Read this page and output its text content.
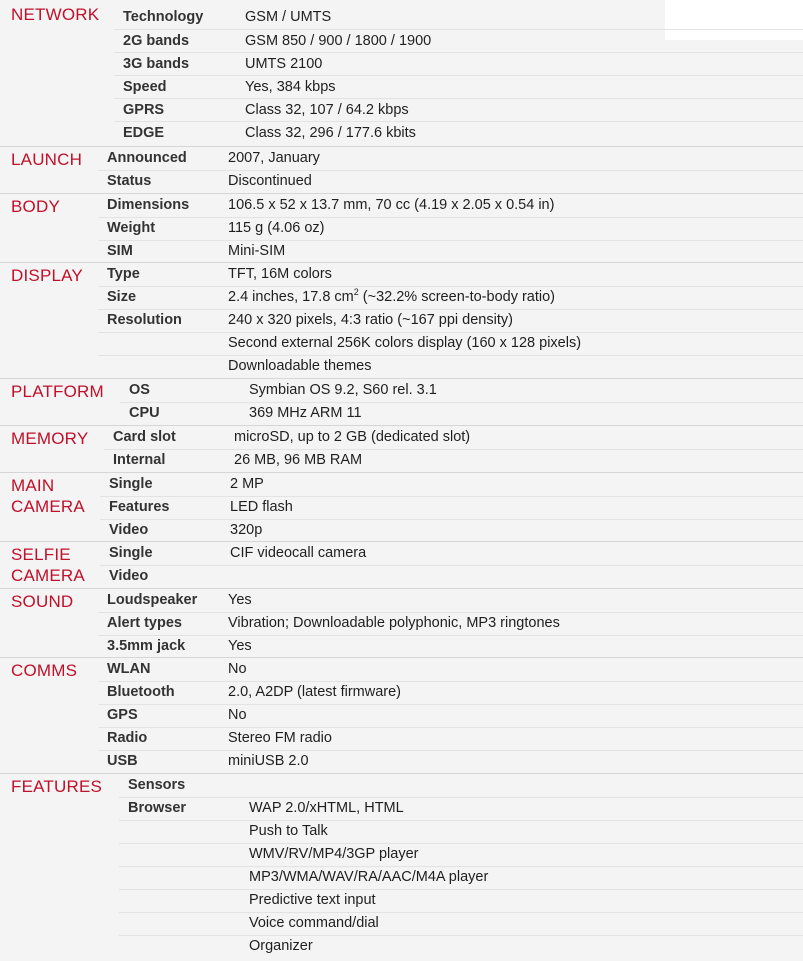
NETWORK Technology	GSM / UMTS
2G bands	GSM 850 / 900 / 1800 / 1900
3G bands	UMTS 2100
Speed	Yes, 384 kbps
GPRS	Class 32, 107 / 64.2 kbps
EDGE	Class 32, 296 / 177.6 kbits
LAUNCH Announced	2007, January
Status	Discontinued
BODY	Dimensions	106.5 x 52 x 13.7 mm, 70 cc (4.19 x 2.05 x 0.54 in)
Weight	115 g (4.06 oz)
SIM	Mini-SIM
DISPLAY Type	TFT, 16M colors
Size	2.4 inches, 17.8 $cm^2$ (~32.2% screen-to-body ratio)
Resolution	240 x 320 pixels, 4:3 ratio (~167 ppi density)
Second external 256K colors display (160 x 128 pixels)
Downloadable themes
PLATFORM OS	Symbian OS 9.2, S60 rel. 3.1
CPU	369 MHz ARM 11
MEMORY Card slot	microSD, up to 2 GB (dedicated slot)
Internal	26 MB, 96 MB RAM
MAIN
CAMERA
Single	2 MP
Features	LED flash
Video	320p
SELFIE
CAMERA
Single	CIF videocall camera
Video
SOUND Loudspeaker Yes
Alert types	Vibration; Downloadable polyphonic, MP3 ringtones
3.5mm jack	Yes
COMMS WLAN	No
Bluetooth	2.0, A2DP (latest firmware)
GPS	No
Radio	Stereo FM radio
USB	miniUSB 2.0
FEATURES Sensors
Browser	WAP 2.0/xHTML, HTML
Push to Talk
WMV/RV/MP4/3GP player
MP3/WMA/WAV/RA/AAC/M4A player
Predictive text input
Voice command/dial
Organizer
